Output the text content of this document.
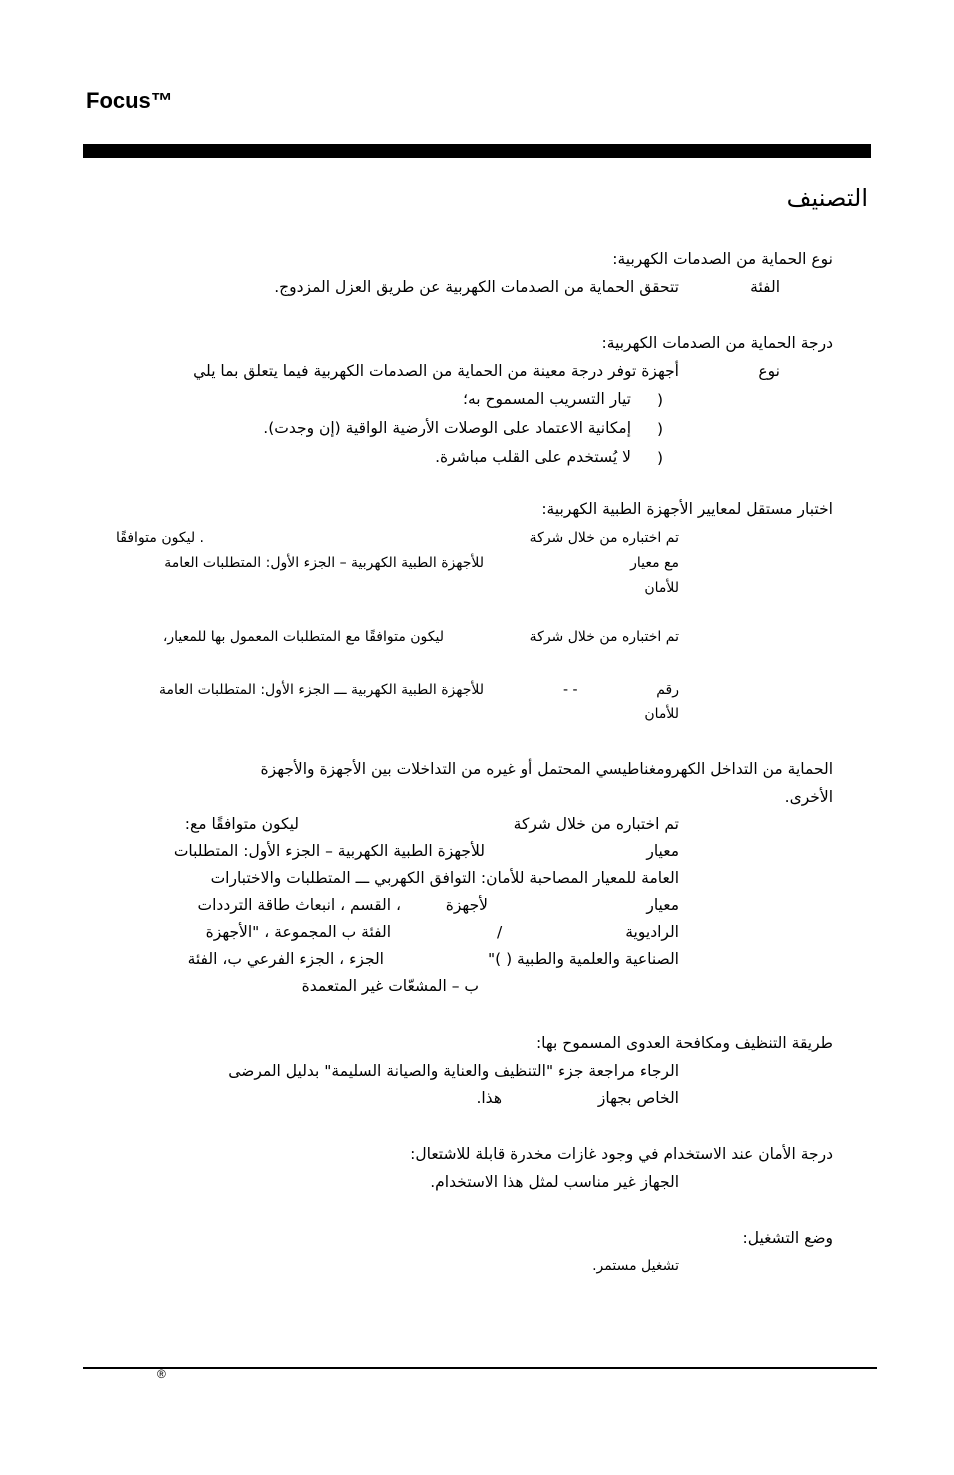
Focus™
التصنيف
نوع الحماية من الصدمات الكهربية:
الفئة
تتحقق الحماية من الصدمات الكهربية عن طريق العزل المزدوج.
درجة الحماية من الصدمات الكهربية:
نوع
أجهزة توفر درجة معينة من الحماية من الصدمات الكهربية فيما يتعلق بما يلي
)
تيار التسريب المسموح به؛
)
إمكانية الاعتماد على الوصلات الأرضية الواقية (إن وجدت).
)
لا يُستخدم على القلب مباشرة.
اختبار مستقل لمعايير الأجهزة الطبية الكهربية:
تم اختباره من خلال شركة
. ليكون متوافقًا
مع معيار
للأجهزة الطبية الكهربية – الجزء الأول: المتطلبات العامة
للأمان
تم اختباره من خلال شركة
ليكون متوافقًا مع المتطلبات المعمول بها للمعيار،
رقم
- -
للأجهزة الطبية الكهربية ـــ الجزء الأول: المتطلبات العامة
للأمان
الحماية من التداخل الكهرومغناطيسي المحتمل أو غيره من التداخلات بين الأجهزة والأجهزة
الأخرى.
تم اختباره من خلال شركة
ليكون متوافقًا مع:
معيار
للأجهزة الطبية الكهربية – الجزء الأول: المتطلبات
العامة للمعيار المصاحبة للأمان: التوافق الكهربي ـــ المتطلبات والاختبارات
معيار
لأجهزة
، القسم ، انبعاث طاقة الترددات
الراديوية
/
الفئة ب المجموعة ، "الأجهزة
الصناعية والعلمية والطبية ( )"
الجزء ، الجزء الفرعي ب، الفئة
ب – المشعّات غير المتعمدة
طريقة التنظيف ومكافحة العدوى المسموح بها:
الرجاء مراجعة جزء "التنظيف والعناية والصيانة السليمة" بدليل المرضى
الخاص بجهاز
هذا.
درجة الأمان عند الاستخدام في وجود غازات مخدرة قابلة للاشتعال:
الجهاز غير مناسب لمثل هذا الاستخدام.
وضع التشغيل:
تشغيل مستمر.
®
